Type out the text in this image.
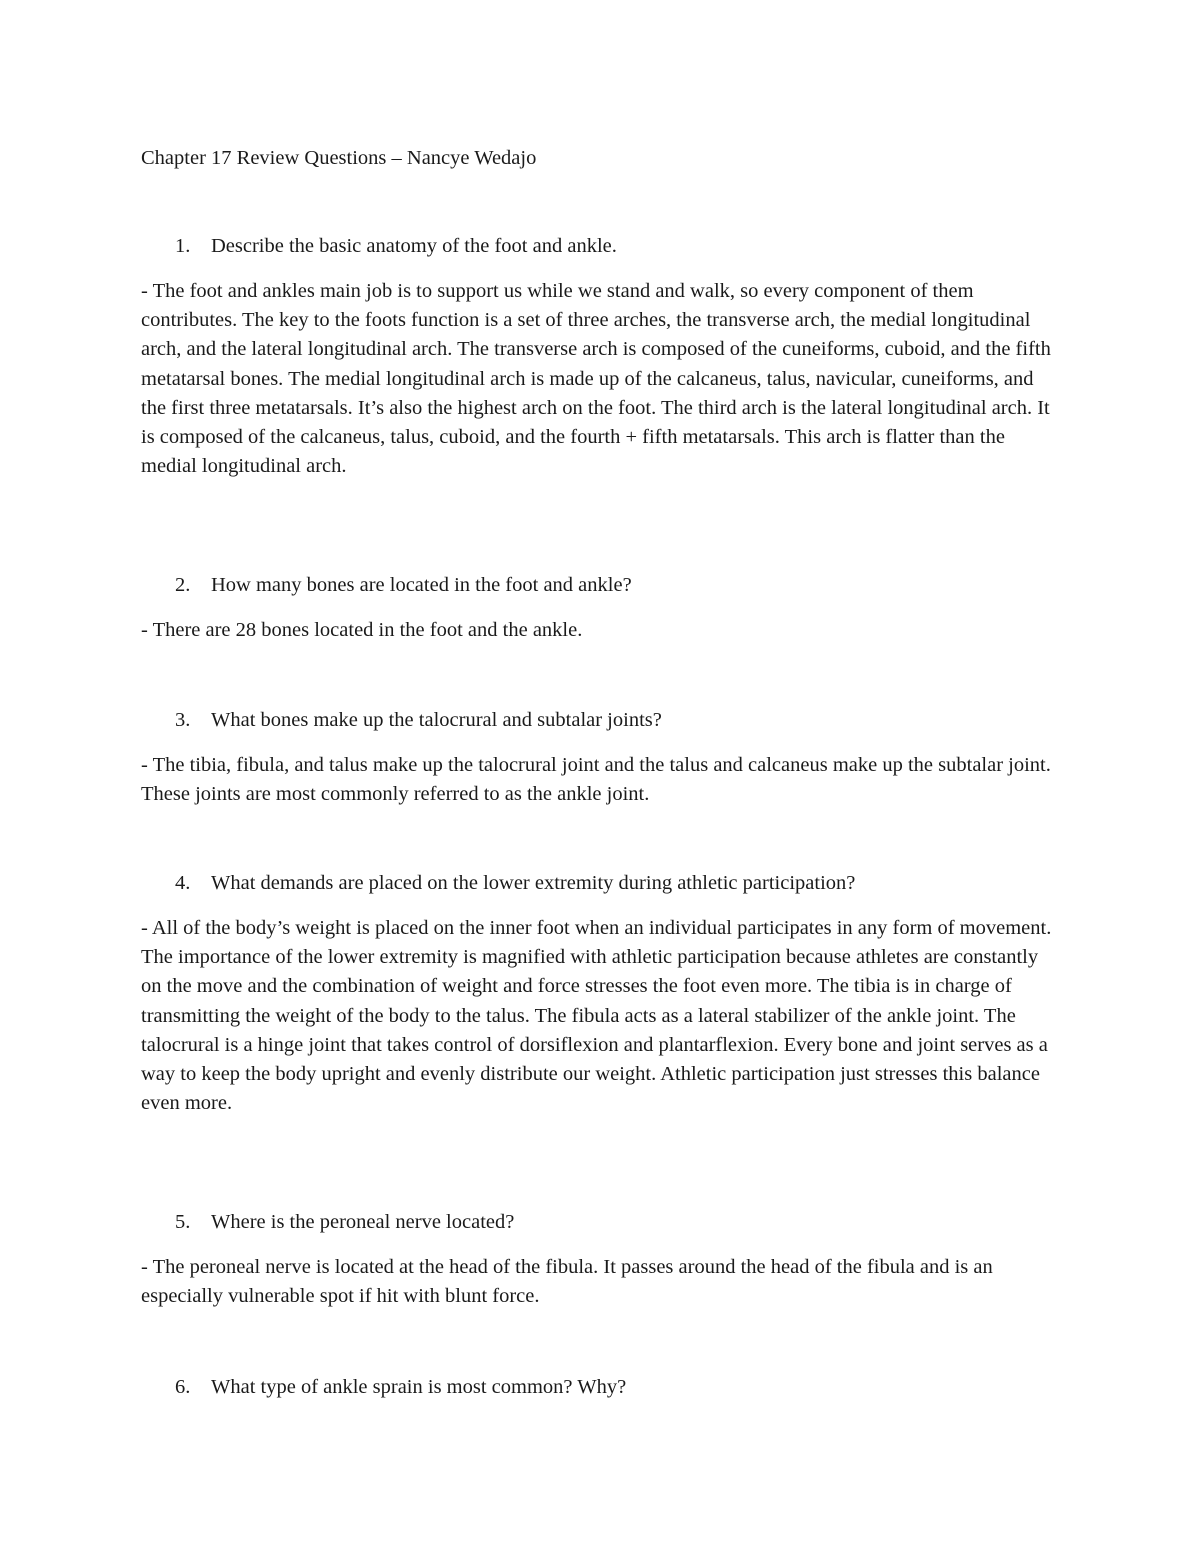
Chapter 17 Review Questions – Nancye Wedajo

1. Describe the basic anatomy of the foot and ankle.

- The foot and ankles main job is to support us while we stand and walk, so every component of them contributes. The key to the foots function is a set of three arches, the transverse arch, the medial longitudinal arch, and the lateral longitudinal arch. The transverse arch is composed of the cuneiforms, cuboid, and the fifth metatarsal bones. The medial longitudinal arch is made up of the calcaneus, talus, navicular, cuneiforms, and the first three metatarsals. It’s also the highest arch on the foot. The third arch is the lateral longitudinal arch. It is composed of the calcaneus, talus, cuboid, and the fourth + fifth metatarsals. This arch is flatter than the medial longitudinal arch.

2. How many bones are located in the foot and ankle?

- There are 28 bones located in the foot and the ankle.

3. What bones make up the talocrural and subtalar joints?

- The tibia, fibula, and talus make up the talocrural joint and the talus and calcaneus make up the subtalar joint. These joints are most commonly referred to as the ankle joint.

4. What demands are placed on the lower extremity during athletic participation?

- All of the body’s weight is placed on the inner foot when an individual participates in any form of movement. The importance of the lower extremity is magnified with athletic participation because athletes are constantly on the move and the combination of weight and force stresses the foot even more. The tibia is in charge of transmitting the weight of the body to the talus. The fibula acts as a lateral stabilizer of the ankle joint. The talocrural is a hinge joint that takes control of dorsiflexion and plantarflexion. Every bone and joint serves as a way to keep the body upright and evenly distribute our weight. Athletic participation just stresses this balance even more.

5. Where is the peroneal nerve located?

- The peroneal nerve is located at the head of the fibula. It passes around the head of the fibula and is an especially vulnerable spot if hit with blunt force.

6. What type of ankle sprain is most common? Why?
